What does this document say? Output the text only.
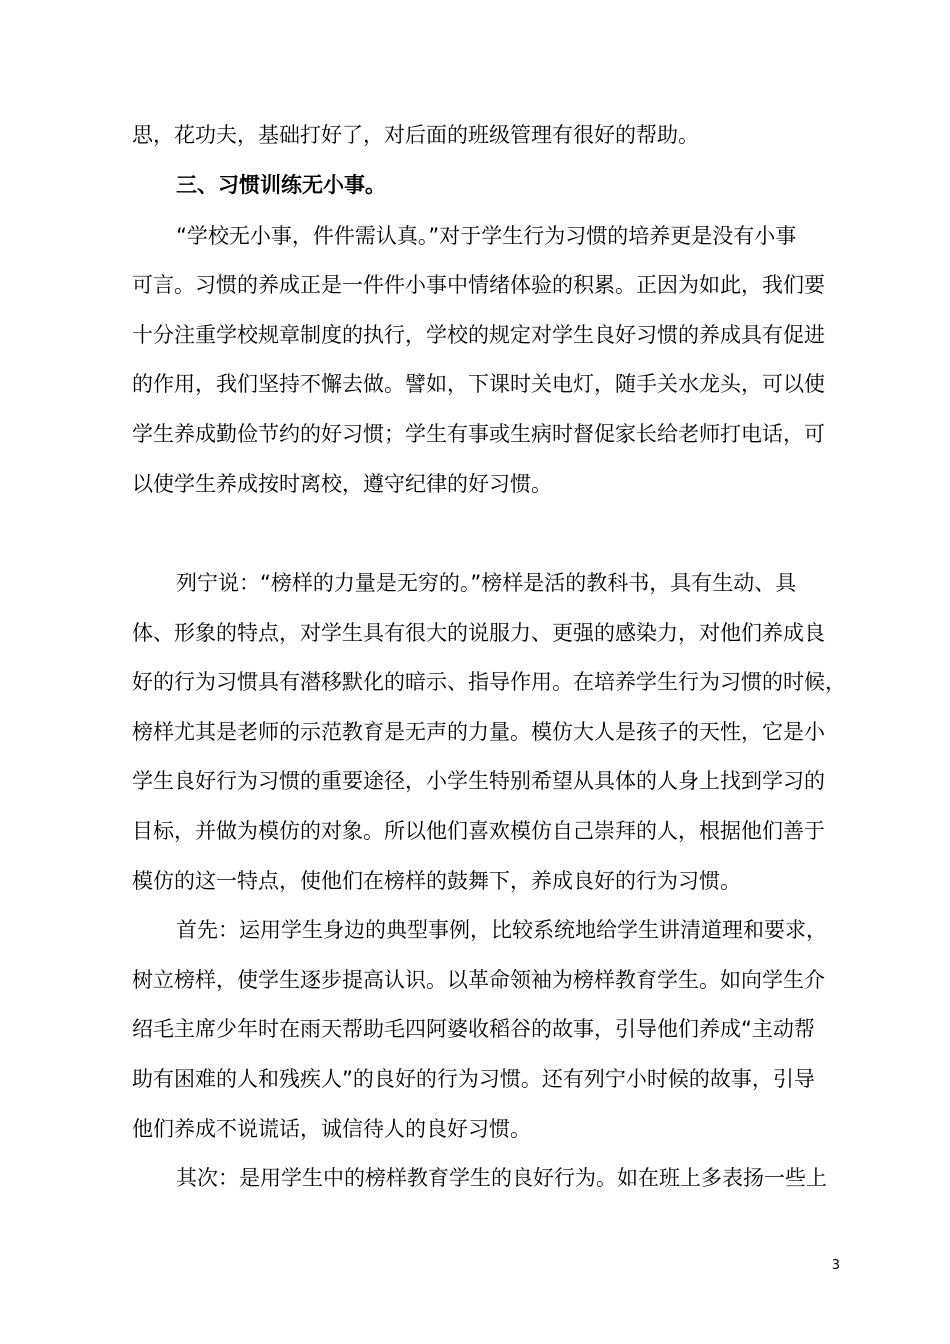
思，花功夫，基础打好了，对后面的班级管理有很好的帮助。
三、习惯训练无小事。
“学校无小事，件件需认真。”对于学生行为习惯的培养更是没有小事
可言。习惯的养成正是一件件小事中情绪体验的积累。正因为如此，我们要
十分注重学校规章制度的执行，学校的规定对学生良好习惯的养成具有促进
的作用，我们坚持不懈去做。譬如，下课时关电灯，随手关水龙头，可以使
学生养成勤俭节约的好习惯；学生有事或生病时督促家长给老师打电话，可
以使学生养成按时离校，遵守纪律的好习惯。
列宁说：“榜样的力量是无穷的。”榜样是活的教科书，具有生动、具
体、形象的特点，对学生具有很大的说服力、更强的感染力，对他们养成良
好的行为习惯具有潜移默化的暗示、指导作用。在培养学生行为习惯的时候，
榜样尤其是老师的示范教育是无声的力量。模仿大人是孩子的天性，它是小
学生良好行为习惯的重要途径，小学生特别希望从具体的人身上找到学习的
目标，并做为模仿的对象。所以他们喜欢模仿自己崇拜的人，根据他们善于
模仿的这一特点，使他们在榜样的鼓舞下，养成良好的行为习惯。
首先：运用学生身边的典型事例，比较系统地给学生讲清道理和要求，
树立榜样，使学生逐步提高认识。以革命领袖为榜样教育学生。如向学生介
绍毛主席少年时在雨天帮助毛四阿婆收稻谷的故事，引导他们养成“主动帮
助有困难的人和残疾人”的良好的行为习惯。还有列宁小时候的故事，引导
他们养成不说谎话，诚信待人的良好习惯。
其次：是用学生中的榜样教育学生的良好行为。如在班上多表扬一些上
3
